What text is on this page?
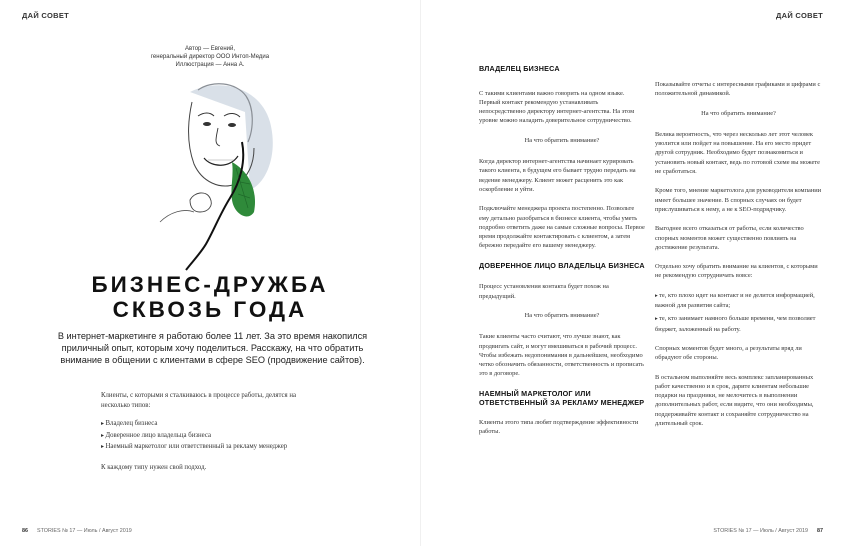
ДАЙ СОВЕТ	ДАЙ СОВЕТ
Автор — Евгений,
генеральный директор ООО Интоп-Медиа
Иллюстрация — Анна А.
БИЗНЕС-ДРУЖБА
СКВОЗЬ ГОДА
В интернет-маркетинге я работаю более 11 лет. За это время накопился приличный опыт, которым хочу поделиться. Расскажу, на что обратить внимание в общении с клиентами в сфере SEO (продвижение сайтов).

Клиенты, с которыми я сталкиваюсь в процессе работы, делятся на несколько типов:

▸ Владелец бизнеса
▸ Доверенное лицо владельца бизнеса
▸ Наемный маркетолог или ответственный за рекламу менеджер

К каждому типу нужен свой подход.

ВЛАДЕЛЕЦ БИЗНЕСА

С такими клиентами важно говорить на одном языке. Первый контакт рекомендую устанавливать непосредственно директору интернет-агентства. На этом уровне можно наладить доверительное сотрудничество.

На что обратить внимание?

Когда директор интернет-агентства начинает курировать такого клиента, в будущем его бывает трудно передать на ведение менеджеру. Клиент может расценить это как оскорбление и уйти.

Подключайте менеджера проекта постепенно. Позвольте ему детально разобраться в бизнесе клиента, чтобы уметь подробно ответить даже на самые сложные вопросы. Первое время продолжайте контактировать с клиентом, а затем бережно передайте его вашему менеджеру.

ДОВЕРЕННОЕ ЛИЦО ВЛАДЕЛЬЦА БИЗНЕСА

Процесс установления контакта будет похож на предыдущий.

На что обратить внимание?

Такие клиенты часто считают, что лучше знают, как продвигать сайт, и могут вмешиваться в рабочий процесс. Чтобы избежать недопонимания в дальнейшем, необходимо четко обозначить обязанности, ответственность и прописать это в договоре.

НАЕМНЫЙ МАРКЕТОЛОГ ИЛИ ОТВЕТСТВЕННЫЙ ЗА РЕКЛАМУ МЕНЕДЖЕР

Клиенты этого типа любят подтверждение эффективности работы.

Показывайте отчеты с интересными графиками и цифрами с положительной динамикой.

На что обратить внимание?

Велика вероятность, что через несколько лет этот человек уволится или пойдет на повышение. На его место придет другой сотрудник. Необходимо будет познакомиться и установить новый контакт, ведь по готовой схеме вы можете не сработаться.

Кроме того, мнение маркетолога для руководителя компании имеет большее значение. В спорных случаях он будет прислушиваться к нему, а не к SEO-подрядчику.

Выгоднее всего отказаться от работы, если количество спорных моментов может существенно повлиять на достижение результата.

Отдельно хочу обратить внимание на клиентов, с которыми не рекомендую сотрудничать вовсе:

▸ те, кто плохо идет на контакт и не делится информацией, важной для развития сайта;
▸ те, кто занимает намного больше времени, чем позволяет бюджет, заложенный на работу.

Спорных моментов будет много, а результаты вряд ли обрадуют обе стороны.

В остальном выполняйте весь комплекс запланированных работ качественно и в срок, дарите клиентам небольшие подарки на праздники, не мелочитесь в выполнении дополнительных работ, если видите, что они необходимы, поддерживайте контакт и сохраняйте сотрудничество на длительный срок.

86 STORIES № 17 — Июль / Август 2019	STORIES № 17 — Июль / Август 2019 87
